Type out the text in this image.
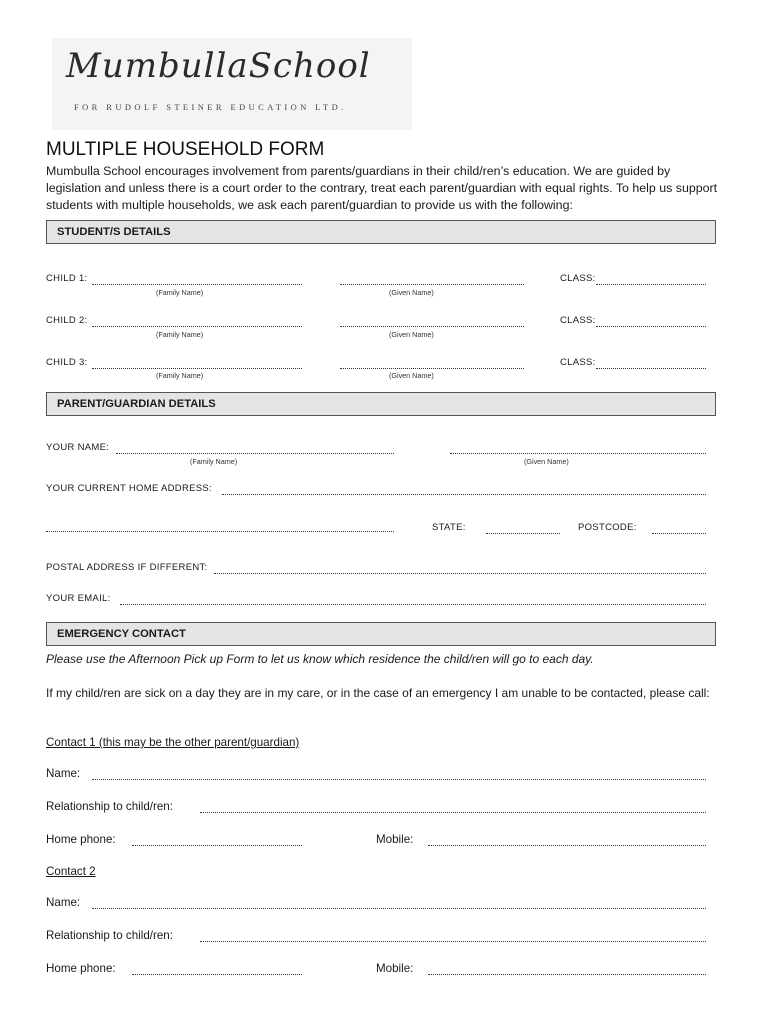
MumbullaSchool
FOR RUDOLF STEINER EDUCATION LTD.
MULTIPLE HOUSEHOLD FORM
Mumbulla School encourages involvement from parents/guardians in their child/ren’s education. We are guided by legislation and unless there is a court order to the contrary, treat each parent/guardian with equal rights. To help us support students with multiple households, we ask each parent/guardian to provide us with the following:
STUDENT/S DETAILS
CHILD 1:	CLASS:
(Family Name)	(Given Name)
CHILD 2:	CLASS:
(Family Name)	(Given Name)
CHILD 3:	CLASS:
(Family Name)	(Given Name)
PARENT/GUARDIAN DETAILS
YOUR NAME:
(Family Name)	(Given Name)
YOUR CURRENT HOME ADDRESS:
STATE:	POSTCODE:
POSTAL ADDRESS IF DIFFERENT:
YOUR EMAIL:
EMERGENCY CONTACT
Please use the Afternoon Pick up Form to let us know which residence the child/ren will go to each day.
If my child/ren are sick on a day they are in my care, or in the case of an emergency I am unable to be contacted, please call:
Contact 1 (this may be the other parent/guardian)
Name:
Relationship to child/ren:
Home phone:	Mobile:
Contact 2
Name:
Relationship to child/ren:
Home phone:	Mobile:
